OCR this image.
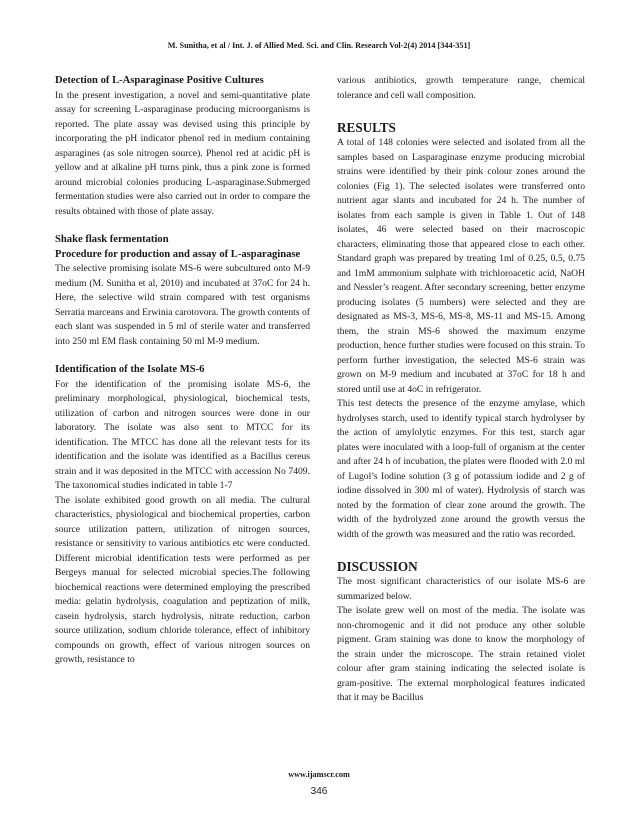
M. Sunitha, et al / Int. J. of Allied Med. Sci. and Clin. Research Vol-2(4) 2014 [344-351]

Detection of L-Asparaginase Positive Cultures

In the present investigation, a novel and semi-quantitative plate assay for screening L-asparaginase producing microorganisms is reported. The plate assay was devised using this principle by incorporating the pH indicator phenol red in medium containing asparagines (as sole nitrogen source). Phenol red at acidic pH is yellow and at alkaline pH turns pink, thus a pink zone is formed around microbial colonies producing L-asparaginase.Submerged fermentation studies were also carried out in order to compare the results obtained with those of plate assay.

Shake flask fermentation

Procedure for production and assay of L-asparaginase

The selective promising isolate MS-6 were subcultured onto M-9 medium (M. Sunitha et al, 2010) and incubated at 37oC for 24 h. Here, the selective wild strain compared with test organisms Serratia marceans and Erwinia carotovora. The growth contents of each slant was suspended in 5 ml of sterile water and transferred into 250 ml EM flask containing 50 ml M-9 medium.

Identification of the Isolate MS-6

For the identification of the promising isolate MS-6, the preliminary morphological, physiological, biochemical tests, utilization of carbon and nitrogen sources were done in our laboratory. The isolate was also sent to MTCC for its identification. The MTCC has done all the relevant tests for its identification and the isolate was identified as a Bacillus cereus strain and it was deposited in the MTCC with accession No 7409. The taxonomical studies indicated in table 1-7

The isolate exhibited good growth on all media. The cultural characteristics, physiological and biochemical properties, carbon source utilization pattern, utilization of nitrogen sources, resistance or sensitivity to various antibiotics etc were conducted. Different microbial identification tests were performed as per Bergeys manual for selected microbial species.The following biochemical reactions were determined employing the prescribed media: gelatin hydrolysis, coagulation and peptization of milk, casein hydrolysis, starch hydrolysis, nitrate reduction, carbon source utilization, sodium chloride tolerance, effect of inhibitory compounds on growth, effect of various nitrogen sources on growth, resistance to

various antibiotics, growth temperature range, chemical tolerance and cell wall composition.

RESULTS

A total of 148 colonies were selected and isolated from all the samples based on Lasparaginase enzyme producing microbial strains were identified by their pink colour zones around the colonies (Fig 1). The selected isolates were transferred onto nutrient agar slants and incubated for 24 h. The number of isolates from each sample is given in Table 1. Out of 148 isolates, 46 were selected based on their macroscopic characters, eliminating those that appeared close to each other. Standard graph was prepared by treating 1ml of 0.25, 0.5, 0.75 and 1mM ammonium sulphate with trichloroacetic acid, NaOH and Nessler’s reagent. After secondary screening, better enzyme producing isolates (5 numbers) were selected and they are designated as MS-3, MS-6, MS-8, MS-11 and MS-15. Among them, the strain MS-6 showed the maximum enzyme production, hence further studies were focused on this strain. To perform further investigation, the selected MS-6 strain was grown on M-9 medium and incubated at 37oC for 18 h and stored until use at 4oC in refrigerator.

This test detects the presence of the enzyme amylase, which hydrolyses starch, used to identify typical starch hydrolyser by the action of amylolytic enzymes. For this test, starch agar plates were inoculated with a loop-full of organism at the center and after 24 h of incubation, the plates were flooded with 2.0 ml of Lugol’s Iodine solution (3 g of potassium iodide and 2 g of iodine dissolved in 300 ml of water). Hydrolysis of starch was noted by the formation of clear zone around the growth. The width of the hydrolyzed zone around the growth versus the width of the growth was measured and the ratio was recorded.

DISCUSSION

The most significant characteristics of our isolate MS-6 are summarized below.

The isolate grew well on most of the media. The isolate was non-chromogenic and it did not produce any other soluble pigment. Gram staining was done to know the morphology of the strain under the microscope. The strain retained violet colour after gram staining indicating the selected isolate is gram-positive. The external morphological features indicated that it may be Bacillus

www.ijamscr.com
346
